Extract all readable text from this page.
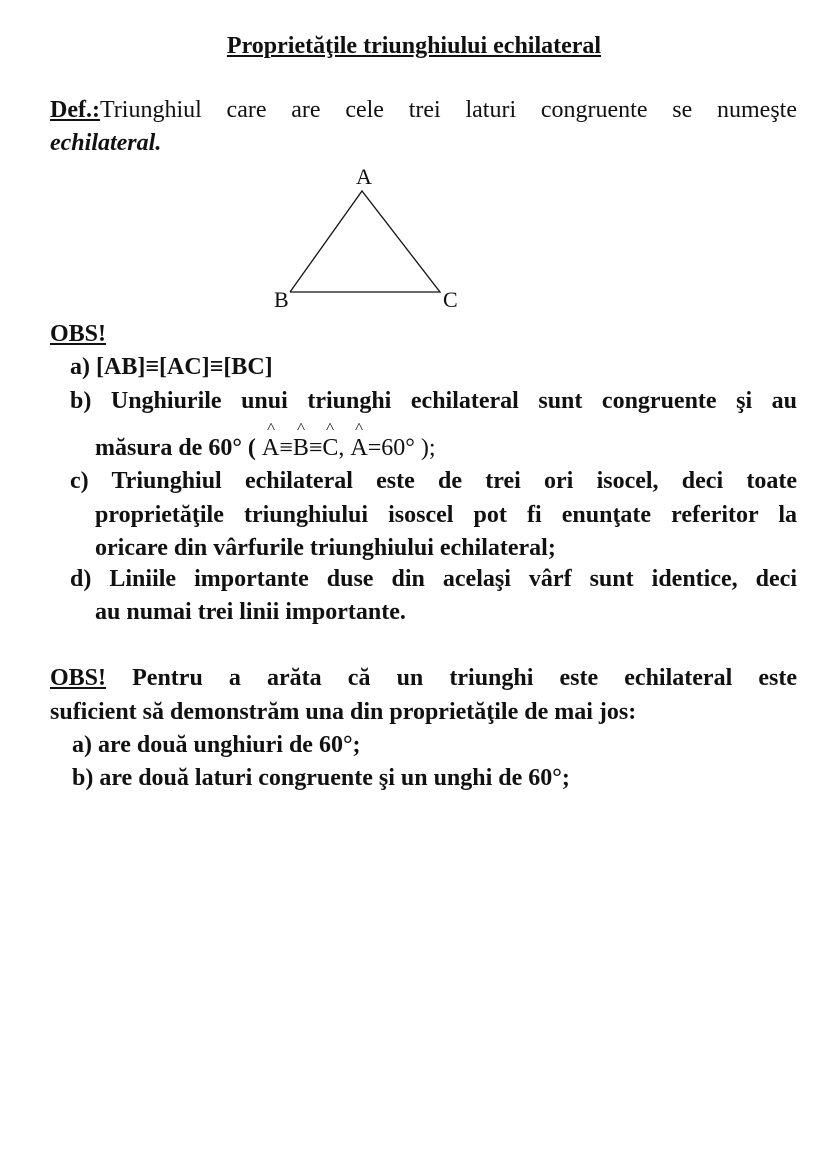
Proprietăţile triunghiului echilateral
Def.:Triunghiul care are cele trei laturi congruente se numeşte
echilateral.
A
B	C
OBS!
a) [AB]≡[AC]≡[BC]
b) Unghiurile unui triunghi echilateral sunt congruente şi au
măsura de 60° ( ^ A≡^ B≡^ C, ^ A=60° );
c) Triunghiul echilateral este de trei ori isocel, deci toate
proprietăţile triunghiului isoscel pot fi enunţate referitor la
oricare din vârfurile triunghiului echilateral;
d) Liniile importante duse din acelaşi vârf sunt identice, deci
au numai trei linii importante.
OBS! Pentru a arăta că un triunghi este echilateral este
suficient să demonstrăm una din proprietăţile de mai jos:
a) are două unghiuri de 60°;
b) are două laturi congruente şi un unghi de 60°;
